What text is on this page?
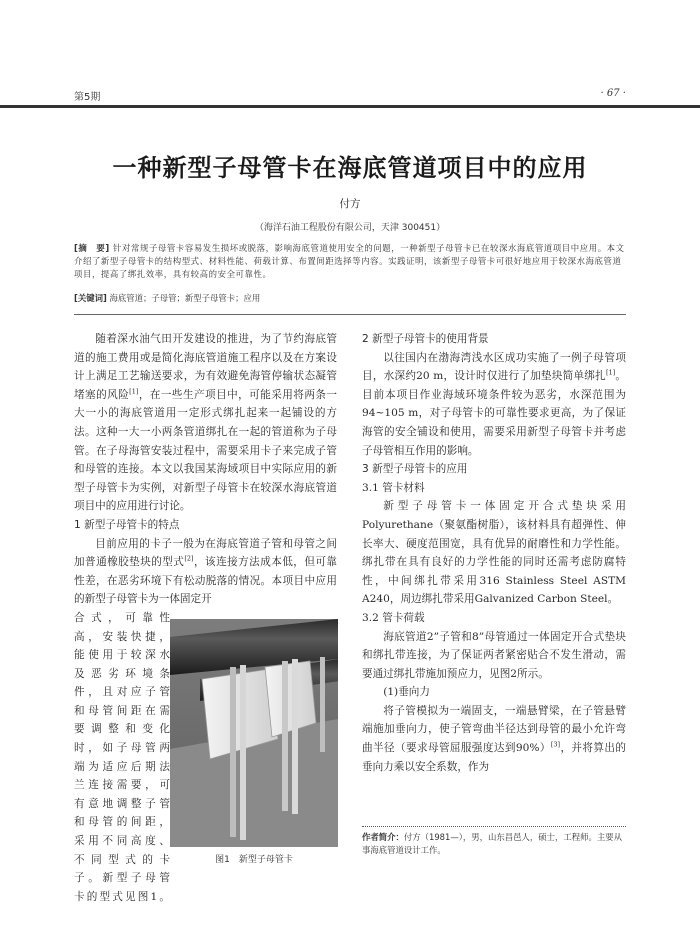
第5期	· 67 ·
一种新型子母管卡在海底管道项目中的应用
付方
（海洋石油工程股份有限公司，天津 300451）
[摘　要] 针对常规子母管卡容易发生损坏或脱落，影响海底管道使用安全的问题，一种新型子母管卡已在较深水海底管道项目中应用。本文介绍了新型子母管卡的结构型式、材料性能、荷载计算、布置间距选择等内容。实践证明，该新型子母管卡可很好地应用于较深水海底管道项目，提高了绑扎效率，具有较高的安全可靠性。
[关键词] 海底管道；子母管；新型子母管卡；应用

随着深水油气田开发建设的推进，为了节约海底管道的施工费用或是简化海底管道施工程序以及在方案设计上满足工艺输送要求，为有效避免海管停输状态凝管堵塞的风险[1]，在一些生产项目中，可能采用将两条一大一小的海底管道用一定形式绑扎起来一起铺设的方法。这种一大一小两条管道绑扎在一起的管道称为子母管。在子母海管安装过程中，需要采用卡子来完成子管和母管的连接。本文以我国某海域项目中实际应用的新型子母管卡为实例，对新型子母管卡在较深水海底管道项目中的应用进行讨论。

1 新型子母管卡的特点

目前应用的卡子一般为在海底管道子管和母管之间加普通橡胶垫块的型式[2]，该连接方法成本低，但可靠性差，在恶劣环境下有松动脱落的情况。本项目中应用的新型子母管卡为一体固定开

合式，可靠性
高，安装快捷，
能使用于较深水
及恶劣环境条
件，且对应子管
和母管间距在需
要调整和变化
时，如子母管两
端为适应后期法
兰连接需要，可
有意地调整子管
和母管的间距，
采用不同高度、
不同型式的卡
子。新型子母管
卡的型式见图1。
图1　新型子母管卡

2 新型子母管卡的使用背景

以往国内在渤海湾浅水区成功实施了一例子母管项目，水深约20 m，设计时仅进行了加垫块简单绑扎[1]。目前本项目作业海域环境条件较为恶劣，水深范围为94~105 m，对子母管卡的可靠性要求更高，为了保证海管的安全铺设和使用，需要采用新型子母管卡并考虑子母管相互作用的影响。

3 新型子母管卡的应用

3.1 管卡材料

新型子母管卡一体固定开合式垫块采用Polyurethane（聚氨酯树脂），该材料具有超弹性、伸长率大、硬度范围宽，具有优异的耐磨性和力学性能。绑扎带在具有良好的力学性能的同时还需考虑防腐特性，中间绑扎带采用316 Stainless Steel ASTM A240，周边绑扎带采用Galvanized Carbon Steel。

3.2 管卡荷载

海底管道2”子管和8”母管通过一体固定开合式垫块和绑扎带连接，为了保证两者紧密贴合不发生滑动，需要通过绑扎带施加预应力，见图2所示。

(1)垂向力

将子管模拟为一端固支，一端悬臂梁，在子管悬臂端施加垂向力，使子管弯曲半径达到母管的最小允许弯曲半径（要求母管屈服强度达到90%）[3]，并将算出的垂向力乘以安全系数，作为

作者简介：付方（1981—），男，山东昌邑人，硕士，工程师。主要从事海底管道设计工作。
